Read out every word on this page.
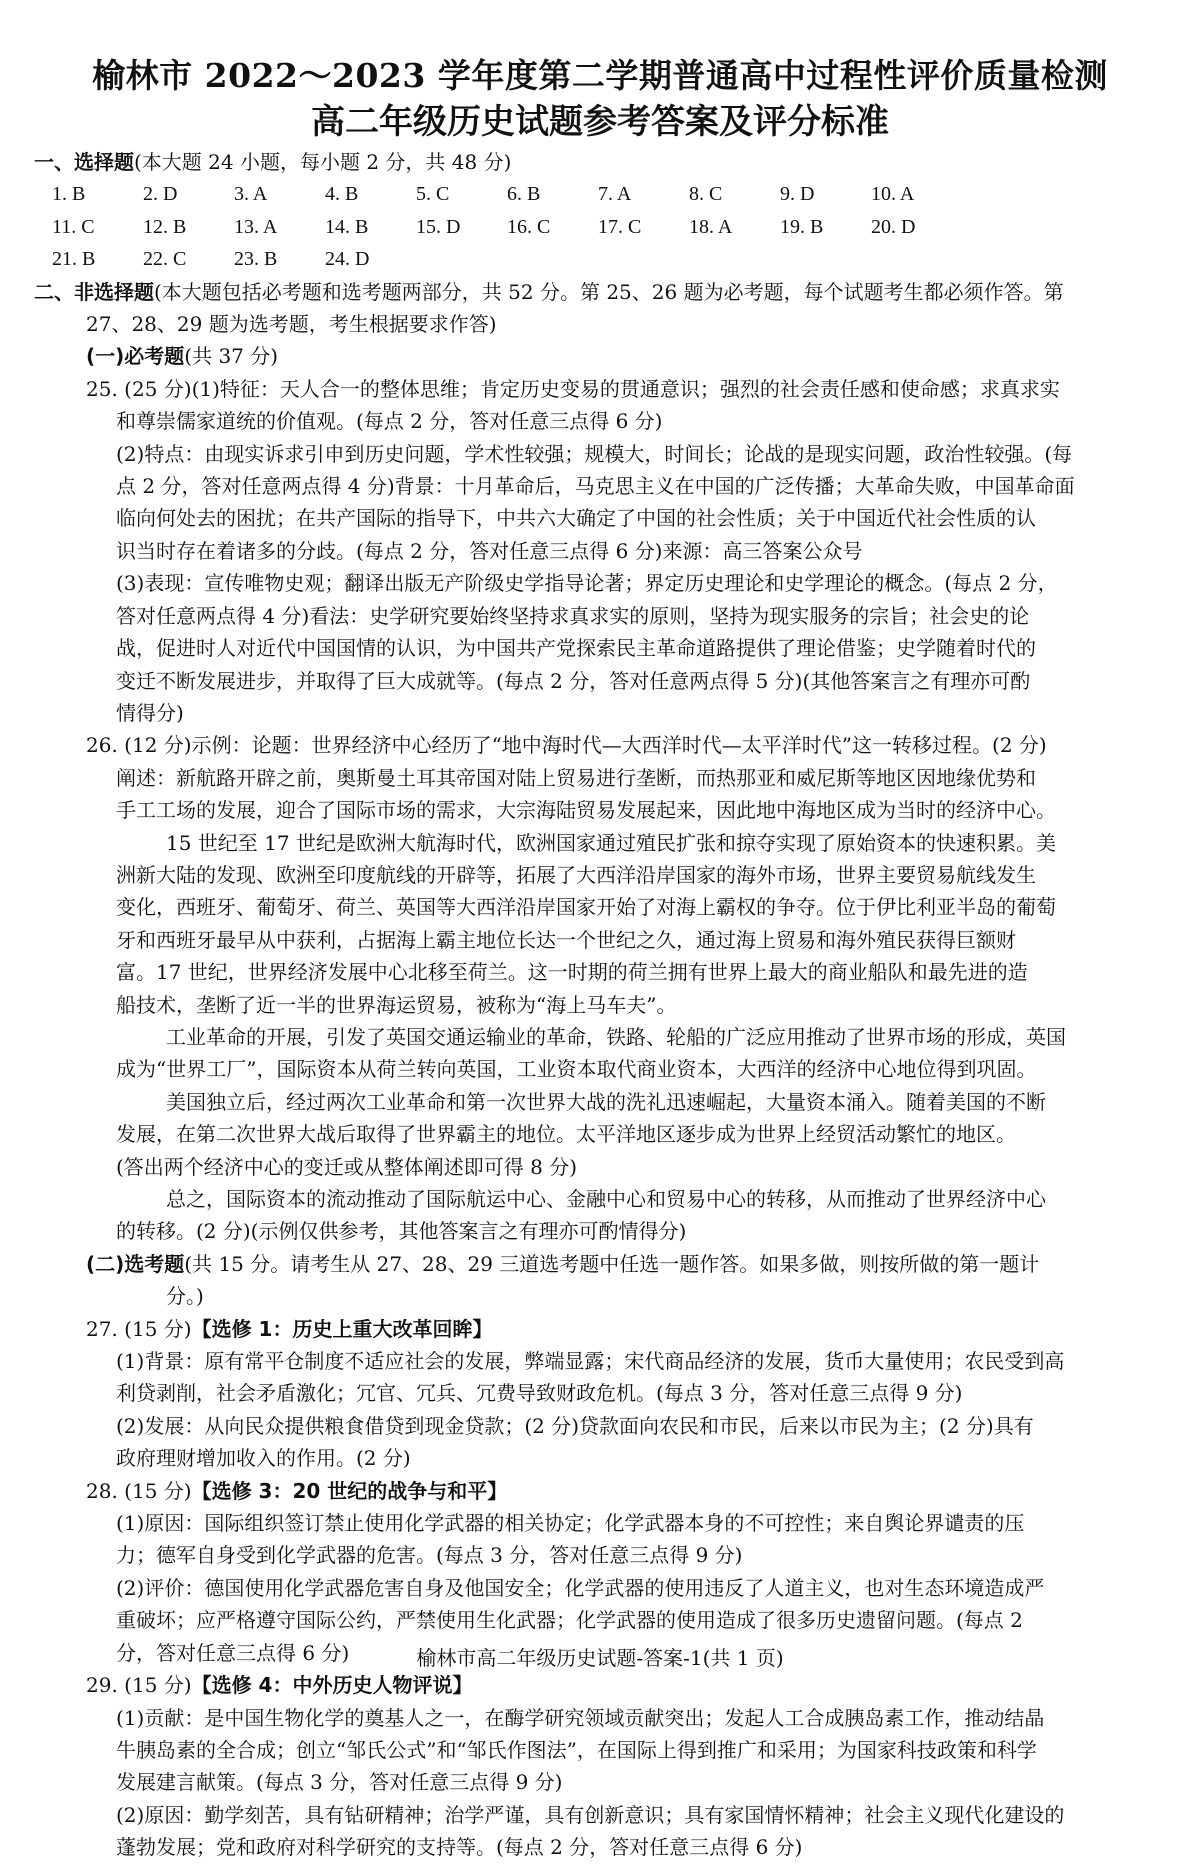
榆林市 2022～2023 学年度第二学期普通高中过程性评价质量检测
高二年级历史试题参考答案及评分标准
一、选择题(本大题 24 小题，每小题 2 分，共 48 分)
1. B	2. D	3. A	4. B	5. C	6. B	7. A	8. C	9. D	10. A
11. C	12. B	13. A	14. B	15. D	16. C	17. C	18. A	19. B	20. D
21. B	22. C	23. B	24. D
二、非选择题(本大题包括必考题和选考题两部分，共 52 分。第 25、26 题为必考题，每个试题考生都必须作答。第
27、28、29 题为选考题，考生根据要求作答)
(一)必考题(共 37 分)
25. (25 分)(1)特征：天人合一的整体思维；肯定历史变易的贯通意识；强烈的社会责任感和使命感；求真求实
和尊崇儒家道统的价值观。(每点 2 分，答对任意三点得 6 分)
(2)特点：由现实诉求引申到历史问题，学术性较强；规模大，时间长；论战的是现实问题，政治性较强。(每
点 2 分，答对任意两点得 4 分)背景：十月革命后，马克思主义在中国的广泛传播；大革命失败，中国革命面
临向何处去的困扰；在共产国际的指导下，中共六大确定了中国的社会性质；关于中国近代社会性质的认
识当时存在着诸多的分歧。(每点 2 分，答对任意三点得 6 分)来源：高三答案公众号
(3)表现：宣传唯物史观；翻译出版无产阶级史学指导论著；界定历史理论和史学理论的概念。(每点 2 分，
答对任意两点得 4 分)看法：史学研究要始终坚持求真求实的原则，坚持为现实服务的宗旨；社会史的论
战，促进时人对近代中国国情的认识，为中国共产党探索民主革命道路提供了理论借鉴；史学随着时代的
变迁不断发展进步，并取得了巨大成就等。(每点 2 分，答对任意两点得 5 分)(其他答案言之有理亦可酌
情得分)
26. (12 分)示例：论题：世界经济中心经历了“地中海时代—大西洋时代—太平洋时代”这一转移过程。(2 分)
阐述：新航路开辟之前，奥斯曼土耳其帝国对陆上贸易进行垄断，而热那亚和威尼斯等地区因地缘优势和
手工工场的发展，迎合了国际市场的需求，大宗海陆贸易发展起来，因此地中海地区成为当时的经济中心。
15 世纪至 17 世纪是欧洲大航海时代，欧洲国家通过殖民扩张和掠夺实现了原始资本的快速积累。美
洲新大陆的发现、欧洲至印度航线的开辟等，拓展了大西洋沿岸国家的海外市场，世界主要贸易航线发生
变化，西班牙、葡萄牙、荷兰、英国等大西洋沿岸国家开始了对海上霸权的争夺。位于伊比利亚半岛的葡萄
牙和西班牙最早从中获利，占据海上霸主地位长达一个世纪之久，通过海上贸易和海外殖民获得巨额财
富。17 世纪，世界经济发展中心北移至荷兰。这一时期的荷兰拥有世界上最大的商业船队和最先进的造
船技术，垄断了近一半的世界海运贸易，被称为“海上马车夫”。
工业革命的开展，引发了英国交通运输业的革命，铁路、轮船的广泛应用推动了世界市场的形成，英国
成为“世界工厂”，国际资本从荷兰转向英国，工业资本取代商业资本，大西洋的经济中心地位得到巩固。
美国独立后，经过两次工业革命和第一次世界大战的洗礼迅速崛起，大量资本涌入。随着美国的不断
发展，在第二次世界大战后取得了世界霸主的地位。太平洋地区逐步成为世界上经贸活动繁忙的地区。
(答出两个经济中心的变迁或从整体阐述即可得 8 分)
总之，国际资本的流动推动了国际航运中心、金融中心和贸易中心的转移，从而推动了世界经济中心
的转移。(2 分)(示例仅供参考，其他答案言之有理亦可酌情得分)
(二)选考题(共 15 分。请考生从 27、28、29 三道选考题中任选一题作答。如果多做，则按所做的第一题计
分。)
27. (15 分)【选修 1：历史上重大改革回眸】
(1)背景：原有常平仓制度不适应社会的发展，弊端显露；宋代商品经济的发展，货币大量使用；农民受到高
利贷剥削，社会矛盾激化；冗官、冗兵、冗费导致财政危机。(每点 3 分，答对任意三点得 9 分)
(2)发展：从向民众提供粮食借贷到现金贷款；(2 分)贷款面向农民和市民，后来以市民为主；(2 分)具有
政府理财增加收入的作用。(2 分)
28. (15 分)【选修 3：20 世纪的战争与和平】
(1)原因：国际组织签订禁止使用化学武器的相关协定；化学武器本身的不可控性；来自舆论界谴责的压
力；德军自身受到化学武器的危害。(每点 3 分，答对任意三点得 9 分)
(2)评价：德国使用化学武器危害自身及他国安全；化学武器的使用违反了人道主义，也对生态环境造成严
重破坏；应严格遵守国际公约，严禁使用生化武器；化学武器的使用造成了很多历史遗留问题。(每点 2
分，答对任意三点得 6 分)
29. (15 分)【选修 4：中外历史人物评说】
(1)贡献：是中国生物化学的奠基人之一，在酶学研究领域贡献突出；发起人工合成胰岛素工作，推动结晶
牛胰岛素的全合成；创立“邹氏公式”和“邹氏作图法”，在国际上得到推广和采用；为国家科技政策和科学
发展建言献策。(每点 3 分，答对任意三点得 9 分)
(2)原因：勤学刻苦，具有钻研精神；治学严谨，具有创新意识；具有家国情怀精神；社会主义现代化建设的
蓬勃发展；党和政府对科学研究的支持等。(每点 2 分，答对任意三点得 6 分)
榆林市高二年级历史试题-答案-1(共 1 页)
